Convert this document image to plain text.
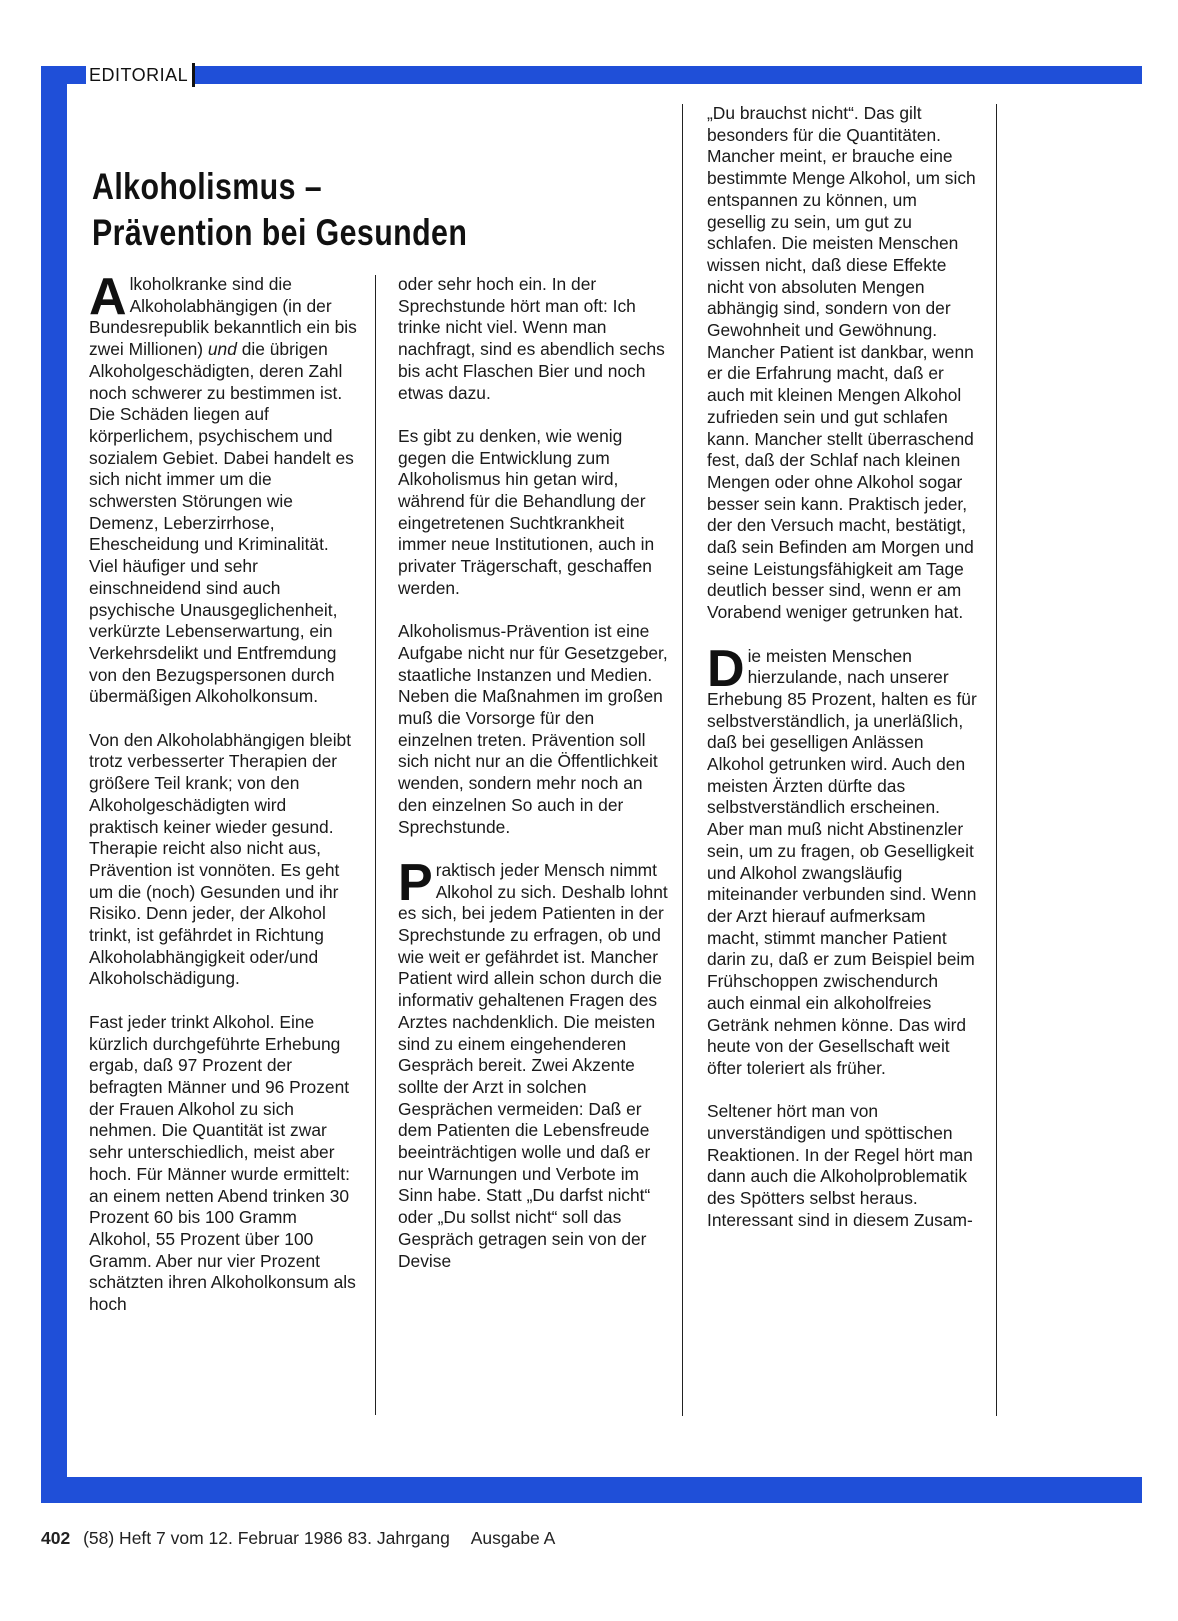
EDITORIAL
Alkoholismus –
Prävention bei Gesunden

Alkoholkranke sind die Alkoholabhängigen (in der Bundesrepublik bekanntlich ein bis zwei Millionen) und die übrigen Alkoholgeschädigten, deren Zahl noch schwerer zu bestimmen ist. Die Schäden liegen auf körperlichem, psychischem und sozialem Gebiet. Dabei handelt es sich nicht immer um die schwersten Störungen wie Demenz, Leberzirrhose, Ehescheidung und Kriminalität. Viel häufiger und sehr einschneidend sind auch psychische Unausgeglichenheit, verkürzte Lebenserwartung, ein Verkehrsdelikt und Entfremdung von den Bezugspersonen durch übermäßigen Alkoholkonsum.

Von den Alkoholabhängigen bleibt trotz verbesserter Therapien der größere Teil krank; von den Alkoholgeschädigten wird praktisch keiner wieder gesund. Therapie reicht also nicht aus, Prävention ist vonnöten. Es geht um die (noch) Gesunden und ihr Risiko. Denn jeder, der Alkohol trinkt, ist gefährdet in Richtung Alkoholabhängigkeit oder/und Alkoholschädigung.

Fast jeder trinkt Alkohol. Eine kürzlich durchgeführte Erhebung ergab, daß 97 Prozent der befragten Männer und 96 Prozent der Frauen Alkohol zu sich nehmen. Die Quantität ist zwar sehr unterschiedlich, meist aber hoch. Für Männer wurde ermittelt: an einem netten Abend trinken 30 Prozent 60 bis 100 Gramm Alkohol, 55 Prozent über 100 Gramm. Aber nur vier Prozent schätzten ihren Alkoholkonsum als hoch

oder sehr hoch ein. In der Sprechstunde hört man oft: Ich trinke nicht viel. Wenn man nachfragt, sind es abendlich sechs bis acht Flaschen Bier und noch etwas dazu.

Es gibt zu denken, wie wenig gegen die Entwicklung zum Alkoholismus hin getan wird, während für die Behandlung der eingetretenen Suchtkrankheit immer neue Institutionen, auch in privater Trägerschaft, geschaffen werden.

Alkoholismus-Prävention ist eine Aufgabe nicht nur für Gesetzgeber, staatliche Instanzen und Medien. Neben die Maßnahmen im großen muß die Vorsorge für den einzelnen treten. Prävention soll sich nicht nur an die Öffentlichkeit wenden, sondern mehr noch an den einzelnen So auch in der Sprechstunde.

Praktisch jeder Mensch nimmt Alkohol zu sich. Deshalb lohnt es sich, bei jedem Patienten in der Sprechstunde zu erfragen, ob und wie weit er gefährdet ist. Mancher Patient wird allein schon durch die informativ gehaltenen Fragen des Arztes nachdenklich. Die meisten sind zu einem eingehenderen Gespräch bereit. Zwei Akzente sollte der Arzt in solchen Gesprächen vermeiden: Daß er dem Patienten die Lebensfreude beeinträchtigen wolle und daß er nur Warnungen und Verbote im Sinn habe. Statt „Du darfst nicht“ oder „Du sollst nicht“ soll das Gespräch getragen sein von der Devise

„Du brauchst nicht“. Das gilt besonders für die Quantitäten. Mancher meint, er brauche eine bestimmte Menge Alkohol, um sich entspannen zu können, um gesellig zu sein, um gut zu schlafen. Die meisten Menschen wissen nicht, daß diese Effekte nicht von absoluten Mengen abhängig sind, sondern von der Gewohnheit und Gewöhnung. Mancher Patient ist dankbar, wenn er die Erfahrung macht, daß er auch mit kleinen Mengen Alkohol zufrieden sein und gut schlafen kann. Mancher stellt überraschend fest, daß der Schlaf nach kleinen Mengen oder ohne Alkohol sogar besser sein kann. Praktisch jeder, der den Versuch macht, bestätigt, daß sein Befinden am Morgen und seine Leistungsfähigkeit am Tage deutlich besser sind, wenn er am Vorabend weniger getrunken hat.

Die meisten Menschen hierzulande, nach unserer Erhebung 85 Prozent, halten es für selbstverständlich, ja unerläßlich, daß bei geselligen Anlässen Alkohol getrunken wird. Auch den meisten Ärzten dürfte das selbstverständlich erscheinen. Aber man muß nicht Abstinenzler sein, um zu fragen, ob Geselligkeit und Alkohol zwangsläufig miteinander verbunden sind. Wenn der Arzt hierauf aufmerksam macht, stimmt mancher Patient darin zu, daß er zum Beispiel beim Frühschoppen zwischendurch auch einmal ein alkoholfreies Getränk nehmen könne. Das wird heute von der Gesellschaft weit öfter toleriert als früher.

Seltener hört man von unverständigen und spöttischen Reaktionen. In der Regel hört man dann auch die Alkoholproblematik des Spötters selbst heraus. Interessant sind in diesem Zusam-

402 (58) Heft 7 vom 12. Februar 1986 83. Jahrgang Ausgabe A
